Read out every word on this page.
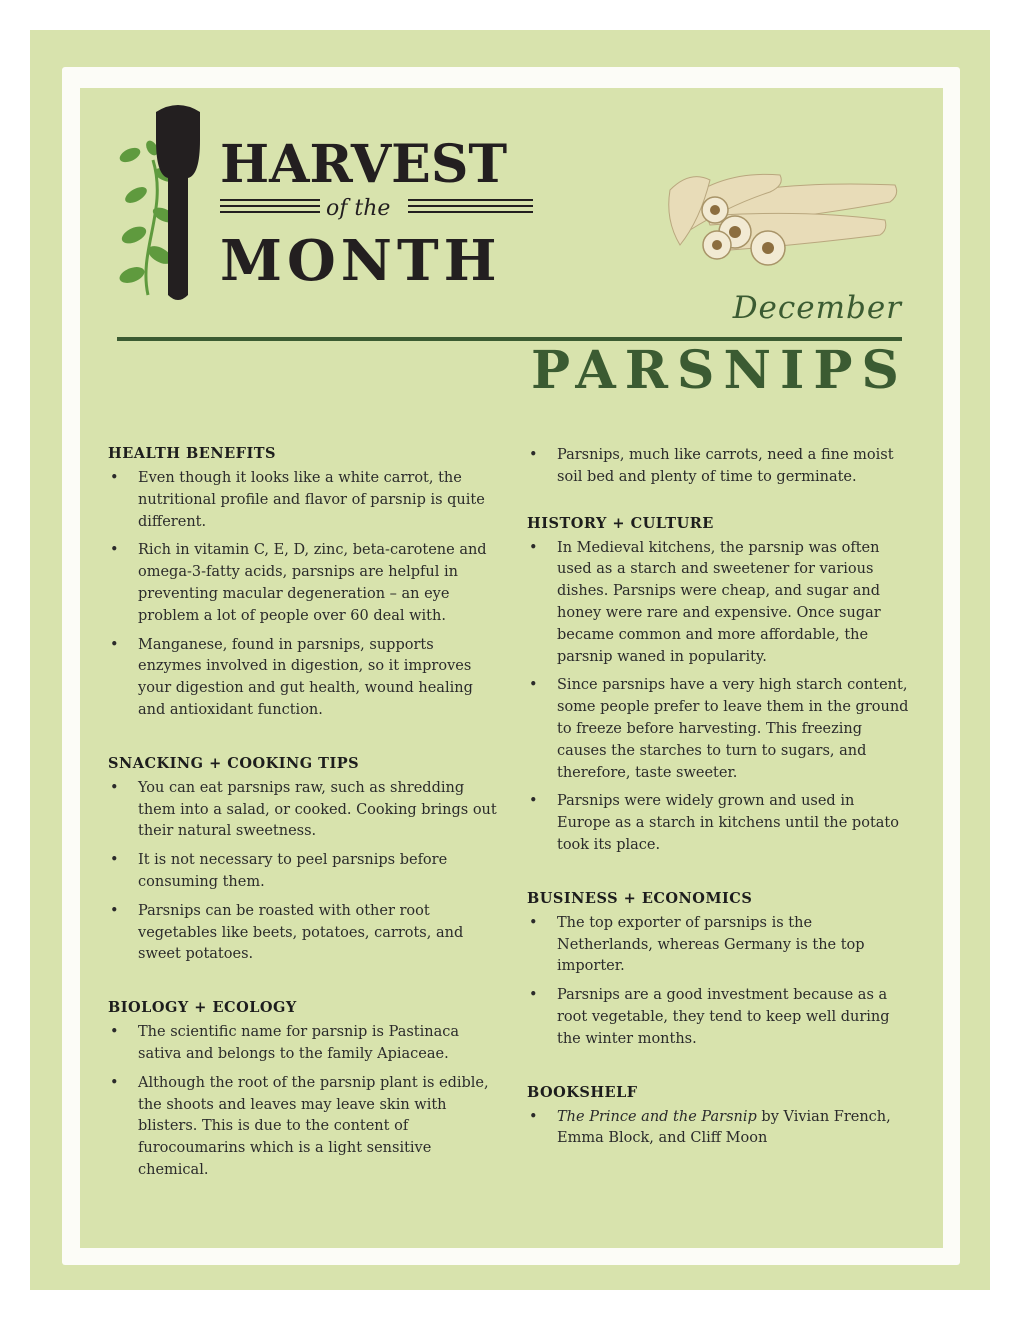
HARVEST
of the
MONTH
December
PARSNIPS
HEALTH BENEFITS
• Even though it looks like a white carrot, the nutritional profile and flavor of parsnip is quite different.
• Rich in vitamin C, E, D, zinc, beta-carotene and omega-3-fatty acids, parsnips are helpful in preventing macular degeneration – an eye problem a lot of people over 60 deal with.
• Manganese, found in parsnips, supports enzymes involved in digestion, so it improves your digestion and gut health, wound healing and antioxidant function.
SNACKING + COOKING TIPS
• You can eat parsnips raw, such as shredding them into a salad, or cooked. Cooking brings out their natural sweetness.
• It is not necessary to peel parsnips before consuming them.
• Parsnips can be roasted with other root vegetables like beets, potatoes, carrots, and sweet potatoes.
BIOLOGY + ECOLOGY
• The scientific name for parsnip is Pastinaca sativa and belongs to the family Apiaceae.
• Although the root of the parsnip plant is edible, the shoots and leaves may leave skin with blisters. This is due to the content of furocoumarins which is a light sensitive chemical.
• Parsnips, much like carrots, need a fine moist soil bed and plenty of time to germinate.
HISTORY + CULTURE
• In Medieval kitchens, the parsnip was often used as a starch and sweetener for various dishes. Parsnips were cheap, and sugar and honey were rare and expensive. Once sugar became common and more affordable, the parsnip waned in popularity.
• Since parsnips have a very high starch content, some people prefer to leave them in the ground to freeze before harvesting. This freezing causes the starches to turn to sugars, and therefore, taste sweeter.
• Parsnips were widely grown and used in Europe as a starch in kitchens until the potato took its place.
BUSINESS + ECONOMICS
• The top exporter of parsnips is the Netherlands, whereas Germany is the top importer.
• Parsnips are a good investment because as a root vegetable, they tend to keep well during the winter months.
BOOKSHELF
• The Prince and the Parsnip by Vivian French, Emma Block, and Cliff Moon
